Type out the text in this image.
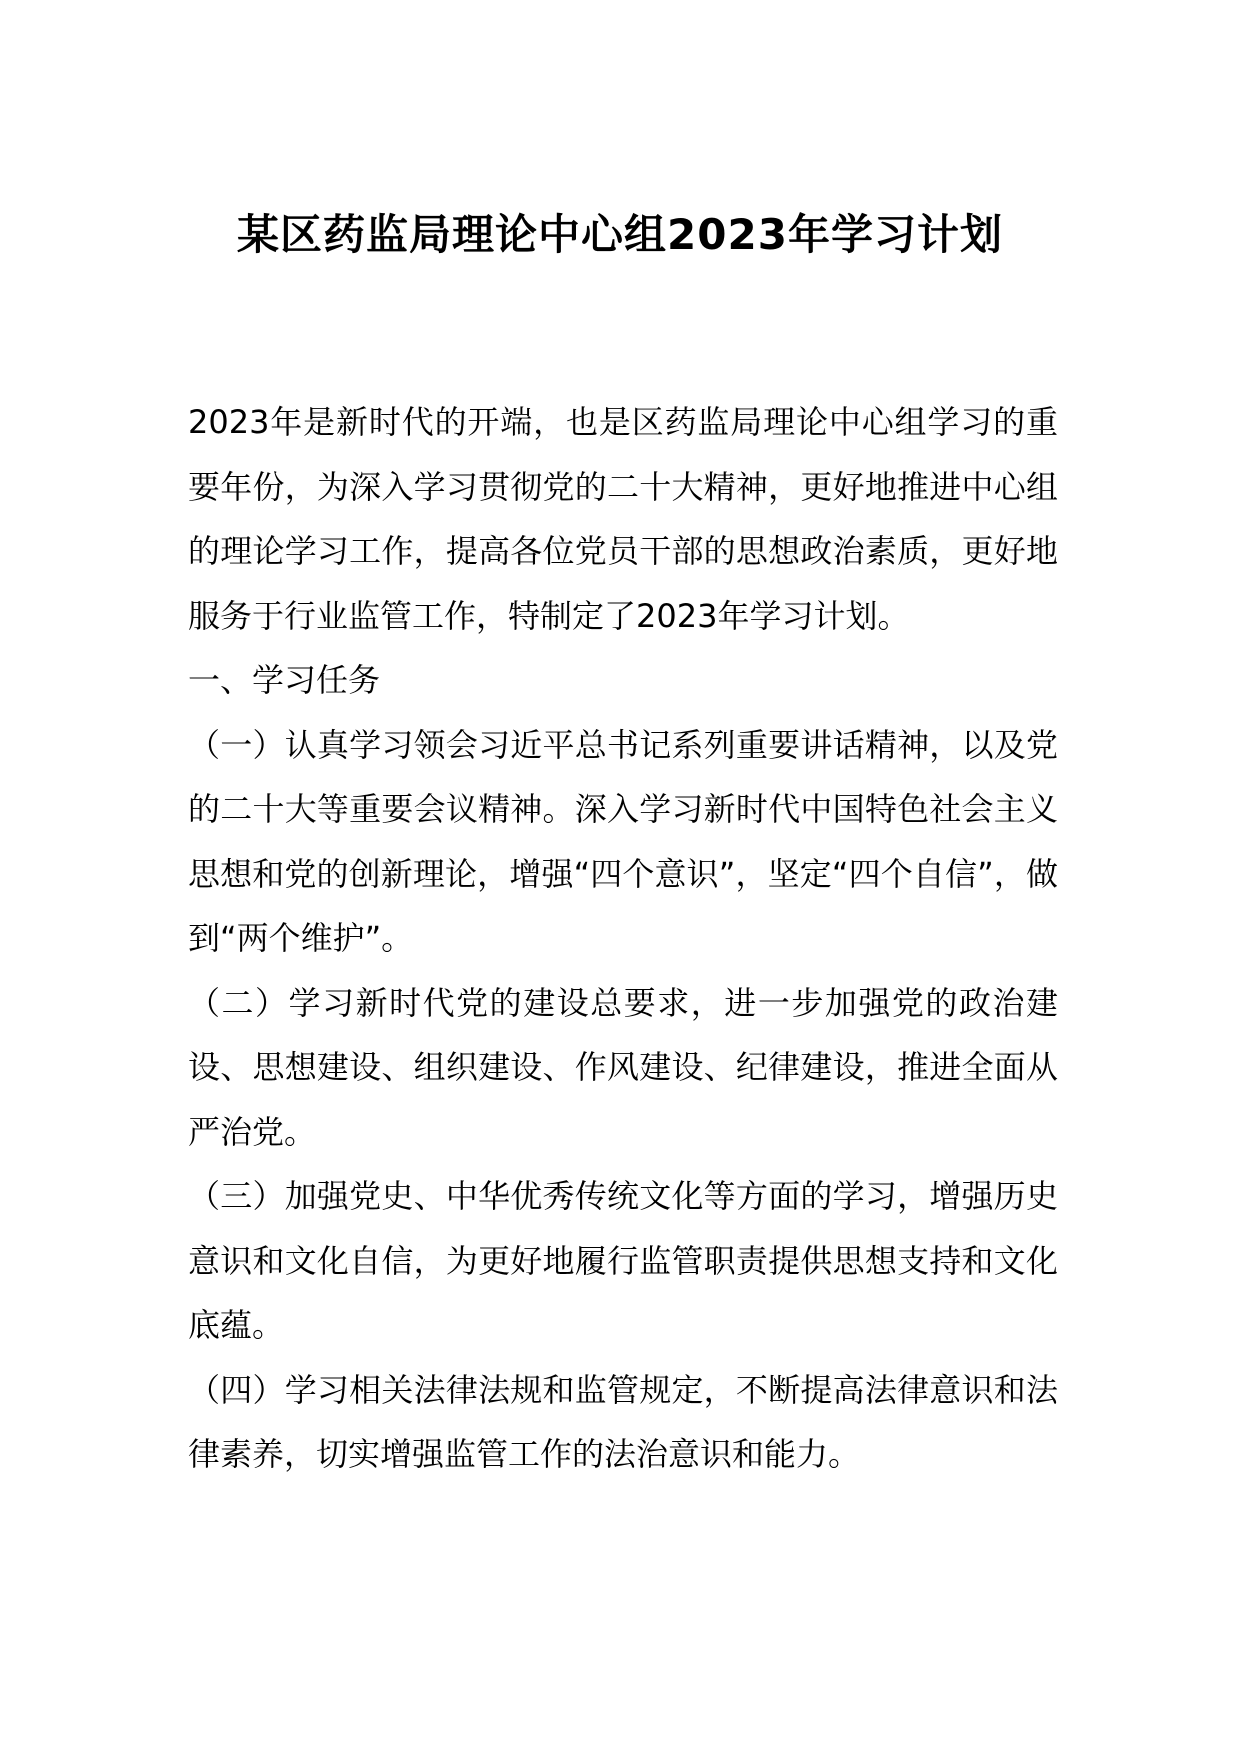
某区药监局理论中心组2023年学习计划

2023年是新时代的开端，也是区药监局理论中心组学习的重要年份，为深入学习贯彻党的二十大精神，更好地推进中心组的理论学习工作，提高各位党员干部的思想政治素质，更好地服务于行业监管工作，特制定了2023年学习计划。

一、学习任务

（一）认真学习领会习近平总书记系列重要讲话精神，以及党的二十大等重要会议精神。深入学习新时代中国特色社会主义思想和党的创新理论，增强“四个意识”，坚定“四个自信”，做到“两个维护”。

（二）学习新时代党的建设总要求，进一步加强党的政治建设、思想建设、组织建设、作风建设、纪律建设，推进全面从严治党。

（三）加强党史、中华优秀传统文化等方面的学习，增强历史意识和文化自信，为更好地履行监管职责提供思想支持和文化底蕴。

（四）学习相关法律法规和监管规定，不断提高法律意识和法律素养，切实增强监管工作的法治意识和能力。
